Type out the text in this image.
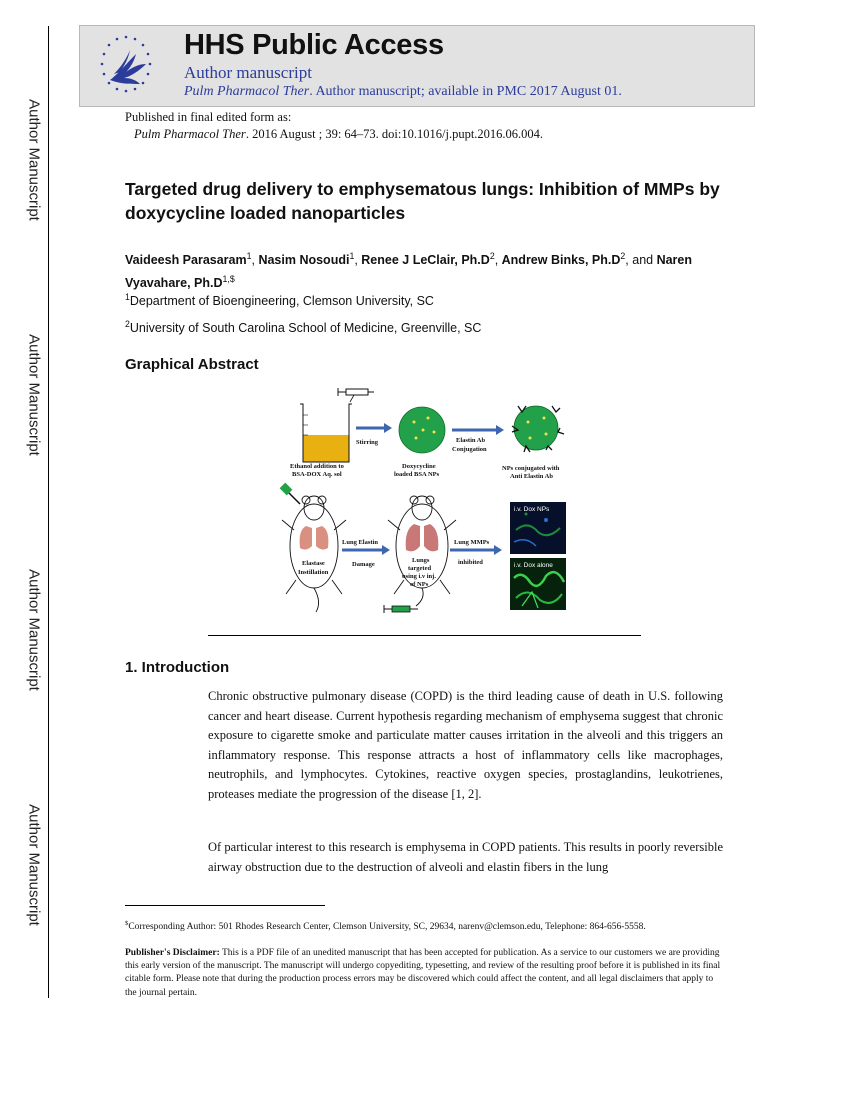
Author Manuscript
Author Manuscript
Author Manuscript
Author Manuscript
HHS Public Access
Author manuscript
Pulm Pharmacol Ther. Author manuscript; available in PMC 2017 August 01.
Published in final edited form as:
Pulm Pharmacol Ther. 2016 August ; 39: 64–73. doi:10.1016/j.pupt.2016.06.004.
Targeted drug delivery to emphysematous lungs: Inhibition of MMPs by doxycycline loaded nanoparticles
Vaideesh Parasaram$^1$, Nasim Nosoudi$^1$, Renee J LeClair, $Ph.D^2$, Andrew Binks, $Ph.D^2$, and Naren Vyavahare, $Ph.D^{1,\$}$
$^1$Department of Bioengineering, Clemson University, SC
$^2$University of South Carolina School of Medicine, Greenville, SC
Graphical Abstract
Stirring	Elastin Ab
Conjugation
Ethanol addition to
BSA-DOX Aq. sol
Doxycycline
loaded BSA NPs
NPs conjugated with
Anti Elastin Ab
Elastase
Instillation
Lung Elastin
Damage
Lungs
targeted
using i.v inj.
of NPs
Lung MMPs
inhibited
i.v. Dox NPs
i.v. Dox alone
1. Introduction
Chronic obstructive pulmonary disease (COPD) is the third leading cause of death in U.S. following cancer and heart disease. Current hypothesis regarding mechanism of emphysema suggest that chronic exposure to cigarette smoke and particulate matter causes irritation in the alveoli and this triggers an inflammatory response. This response attracts a host of inflammatory cells like macrophages, neutrophils, and lymphocytes. Cytokines, reactive oxygen species, prostaglandins, leukotrienes, proteases mediate the progression of the disease [1, 2].
Of particular interest to this research is emphysema in COPD patients. This results in poorly reversible airway obstruction due to the destruction of alveoli and elastin fibers in the lung
$Corresponding Author: 501 Rhodes Research Center, Clemson University, SC, 29634, narenv@clemson.edu, Telephone: 864-656-5558.
Publisher's Disclaimer: This is a PDF file of an unedited manuscript that has been accepted for publication. As a service to our customers we are providing this early version of the manuscript. The manuscript will undergo copyediting, typesetting, and review of the resulting proof before it is published in its final citable form. Please note that during the production process errors may be discovered which could affect the content, and all legal disclaimers that apply to the journal pertain.
